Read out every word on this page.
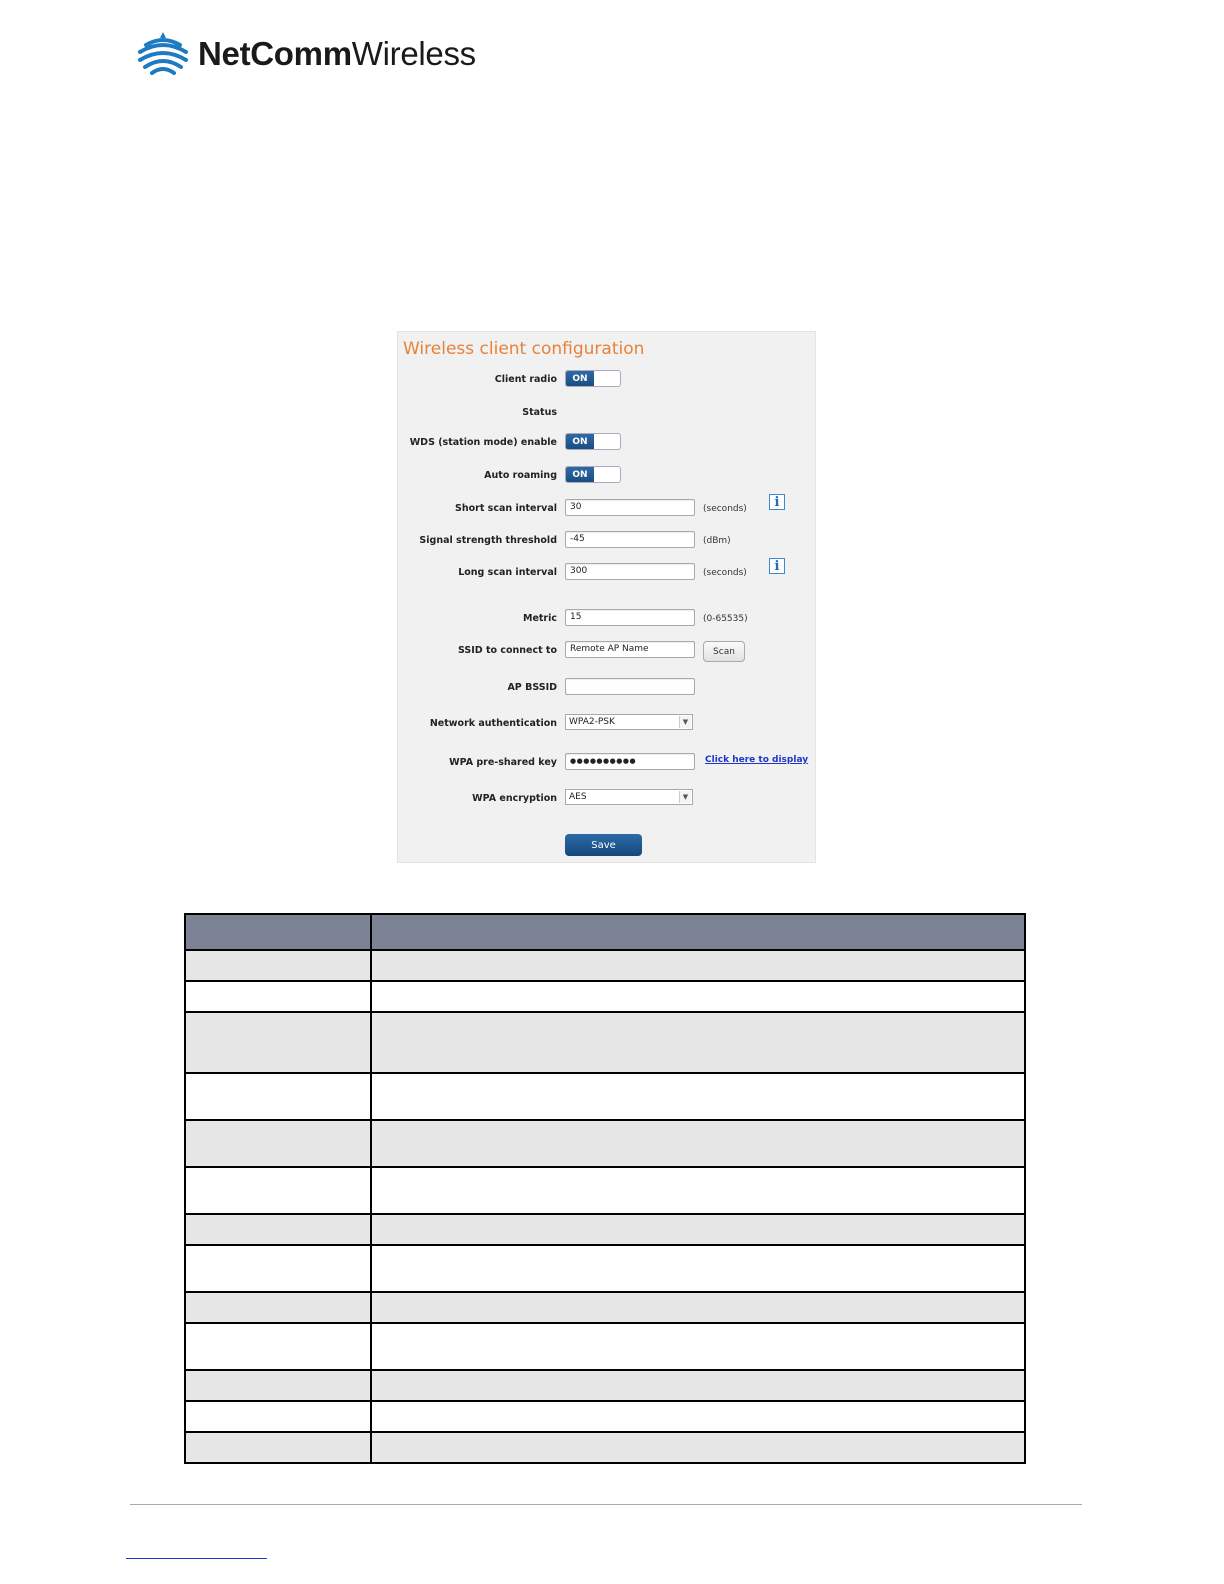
NetCommWireless
Wireless client configuration
Client radio	ON
Status
WDS (station mode) enable	ON
Auto roaming	ON
Short scan interval	30	(seconds)	i
Signal strength threshold	-45	(dBm)
Long scan interval	300	(seconds)	i
Metric	15	(0-65535)
SSID to connect to	Remote AP Name	Scan
AP BSSID
Network authentication	WPA2-PSK	▼
WPA pre-shared key	●●●●●●●●●●	Click here to display
WPA encryption	AES	▼
Save
